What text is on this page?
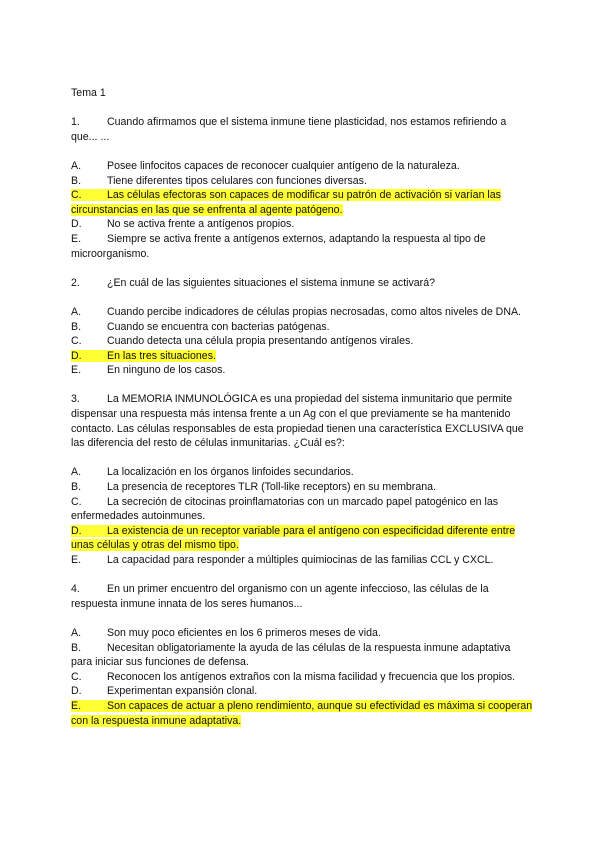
Tema 1

1.	Cuando afirmamos que el sistema inmune tiene plasticidad, nos estamos refiriendo a que... ...

A. Posee linfocitos capaces de reconocer cualquier antígeno de la naturaleza.

B. Tiene diferentes tipos celulares con funciones diversas.

C. Las células efectoras son capaces de modificar su patrón de activación si varían las circunstancias en las que se enfrenta al agente patógeno.

D. No se activa frente a antígenos propios.

E. Siempre se activa frente a antígenos externos, adaptando la respuesta al tipo de microorganismo.

2.	¿En cuál de las siguientes situaciones el sistema inmune se activará?

A. Cuando percibe indicadores de células propias necrosadas, como altos niveles de DNA.

B. Cuando se encuentra con bacterias patógenas.

C. Cuando detecta una célula propia presentando antígenos virales.

D. En las tres situaciones.

E. En ninguno de los casos.

3.	La MEMORIA INMUNOLÓGICA es una propiedad del sistema inmunitario que permite dispensar una respuesta más intensa frente a un Ag con el que previamente se ha mantenido contacto. Las células responsables de esta propiedad tienen una característica EXCLUSIVA que las diferencia del resto de células inmunitarias. ¿Cuál es?:

A. La localización en los órganos linfoides secundarios.

B. La presencia de receptores TLR (Toll-like receptors) en su membrana.

C. La secreción de citocinas proinflamatorias con un marcado papel patogénico en las enfermedades autoinmunes.

D. La existencia de un receptor variable para el antígeno con especificidad diferente entre unas células y otras del mismo tipo.

E. La capacidad para responder a múltiples quimiocinas de las familias CCL y CXCL.

4.	En un primer encuentro del organismo con un agente infeccioso, las células de la respuesta inmune innata de los seres humanos...

A. Son muy poco eficientes en los 6 primeros meses de vida.

B. Necesitan obligatoriamente la ayuda de las células de la respuesta inmune adaptativa para iniciar sus funciones de defensa.

C. Reconocen los antígenos extraños con la misma facilidad y frecuencia que los propios.

D. Experimentan expansión clonal.

E. Son capaces de actuar a pleno rendimiento, aunque su efectividad es máxima si cooperan con la respuesta inmune adaptativa.
